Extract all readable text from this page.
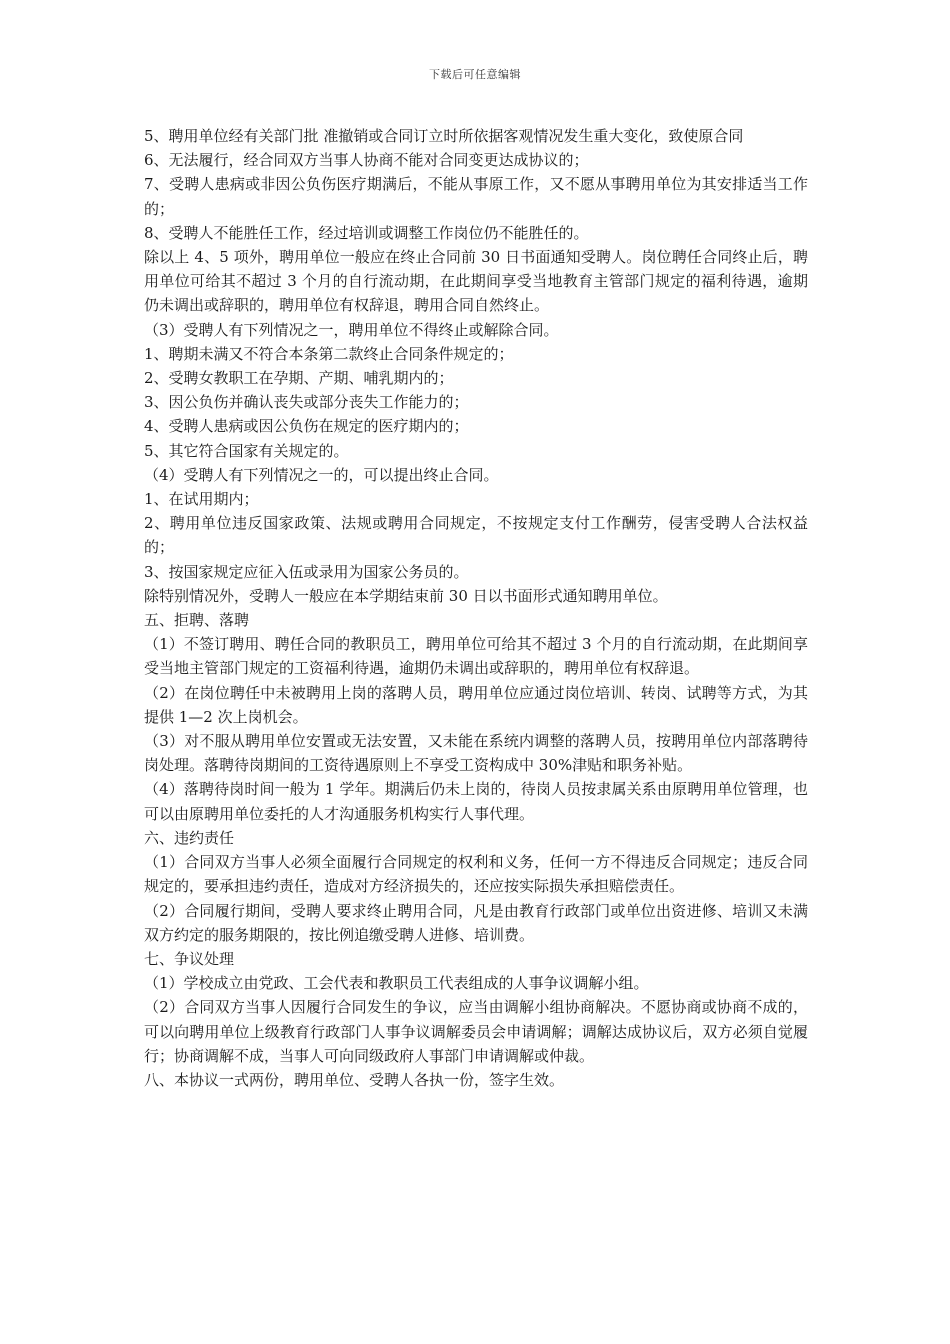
下载后可任意编辑

5、聘用单位经有关部门批 准撤销或合同订立时所依据客观情况发生重大变化，致使原合同

6、无法履行，经合同双方当事人协商不能对合同变更达成协议的；

7、受聘人患病或非因公负伤医疗期满后，不能从事原工作，又不愿从事聘用单位为其安排适当工作的；

8、受聘人不能胜任工作，经过培训或调整工作岗位仍不能胜任的。

除以上 4、5 项外，聘用单位一般应在终止合同前 30 日书面通知受聘人。岗位聘任合同终止后，聘用单位可给其不超过 3 个月的自行流动期，在此期间享受当地教育主管部门规定的福利待遇，逾期仍未调出或辞职的，聘用单位有权辞退，聘用合同自然终止。

（3）受聘人有下列情况之一，聘用单位不得终止或解除合同。

1、聘期未满又不符合本条第二款终止合同条件规定的；

2、受聘女教职工在孕期、产期、哺乳期内的；

3、因公负伤并确认丧失或部分丧失工作能力的；

4、受聘人患病或因公负伤在规定的医疗期内的；

5、其它符合国家有关规定的。

（4）受聘人有下列情况之一的，可以提出终止合同。

1、在试用期内；

2、聘用单位违反国家政策、法规或聘用合同规定，不按规定支付工作酬劳，侵害受聘人合法权益的；

3、按国家规定应征入伍或录用为国家公务员的。

除特别情况外，受聘人一般应在本学期结束前 30 日以书面形式通知聘用单位。

五、拒聘、落聘

（1）不签订聘用、聘任合同的教职员工，聘用单位可给其不超过 3 个月的自行流动期，在此期间享受当地主管部门规定的工资福利待遇，逾期仍未调出或辞职的，聘用单位有权辞退。

（2）在岗位聘任中未被聘用上岗的落聘人员，聘用单位应通过岗位培训、转岗、试聘等方式，为其提供 1—2 次上岗机会。

（3）对不服从聘用单位安置或无法安置，又未能在系统内调整的落聘人员，按聘用单位内部落聘待岗处理。落聘待岗期间的工资待遇原则上不享受工资构成中 30%津贴和职务补贴。

（4）落聘待岗时间一般为 1 学年。期满后仍未上岗的，待岗人员按隶属关系由原聘用单位管理，也可以由原聘用单位委托的人才沟通服务机构实行人事代理。

六、违约责任

（1）合同双方当事人必须全面履行合同规定的权利和义务，任何一方不得违反合同规定；违反合同规定的，要承担违约责任，造成对方经济损失的，还应按实际损失承担赔偿责任。

（2）合同履行期间，受聘人要求终止聘用合同，凡是由教育行政部门或单位出资进修、培训又未满双方约定的服务期限的，按比例追缴受聘人进修、培训费。

七、争议处理

（1）学校成立由党政、工会代表和教职员工代表组成的人事争议调解小组。

（2）合同双方当事人因履行合同发生的争议，应当由调解小组协商解决。不愿协商或协商不成的，可以向聘用单位上级教育行政部门人事争议调解委员会申请调解；调解达成协议后，双方必须自觉履行；协商调解不成，当事人可向同级政府人事部门申请调解或仲裁。

八、本协议一式两份，聘用单位、受聘人各执一份，签字生效。
